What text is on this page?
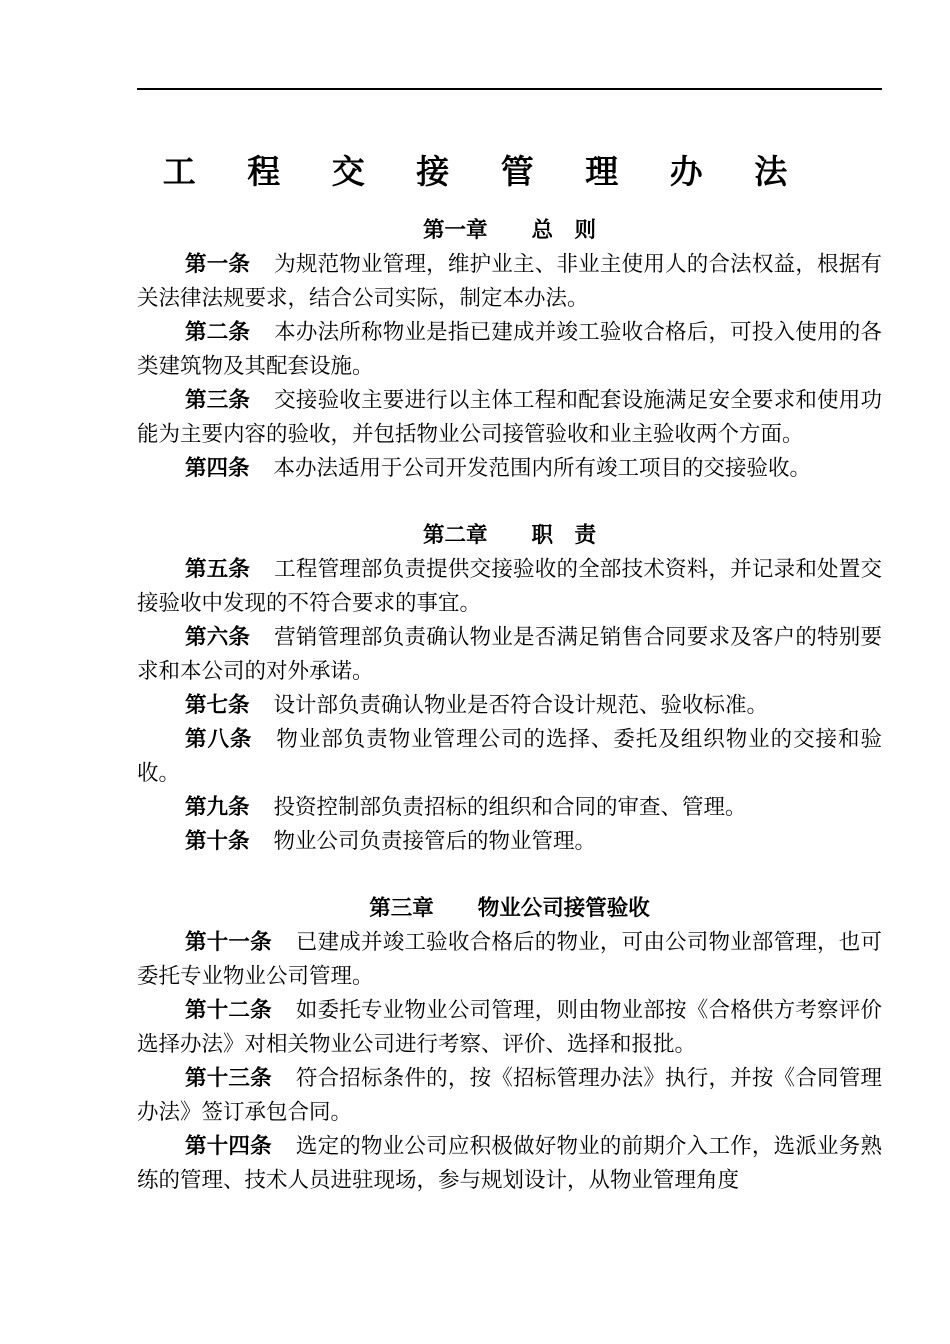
工 程 交 接 管 理 办 法
第一章 总　则

第一条 为规范物业管理，维护业主、非业主使用人的合法权益，根据有关法律法规要求，结合公司实际，制定本办法。

第二条 本办法所称物业是指已建成并竣工验收合格后，可投入使用的各类建筑物及其配套设施。

第三条 交接验收主要进行以主体工程和配套设施满足安全要求和使用功能为主要内容的验收，并包括物业公司接管验收和业主验收两个方面。

第四条 本办法适用于公司开发范围内所有竣工项目的交接验收。

第二章 职　责

第五条 工程管理部负责提供交接验收的全部技术资料，并记录和处置交接验收中发现的不符合要求的事宜。

第六条 营销管理部负责确认物业是否满足销售合同要求及客户的特别要求和本公司的对外承诺。

第七条 设计部负责确认物业是否符合设计规范、验收标准。

第八条 物业部负责物业管理公司的选择、委托及组织物业的交接和验收。

第九条 投资控制部负责招标的组织和合同的审查、管理。

第十条 物业公司负责接管后的物业管理。

第三章 物业公司接管验收

第十一条 已建成并竣工验收合格后的物业，可由公司物业部管理，也可委托专业物业公司管理。

第十二条 如委托专业物业公司管理，则由物业部按《合格供方考察评价选择办法》对相关物业公司进行考察、评价、选择和报批。

第十三条 符合招标条件的，按《招标管理办法》执行，并按《合同管理办法》签订承包合同。

第十四条 选定的物业公司应积极做好物业的前期介入工作，选派业务熟练的管理、技术人员进驻现场，参与规划设计，从物业管理角度
